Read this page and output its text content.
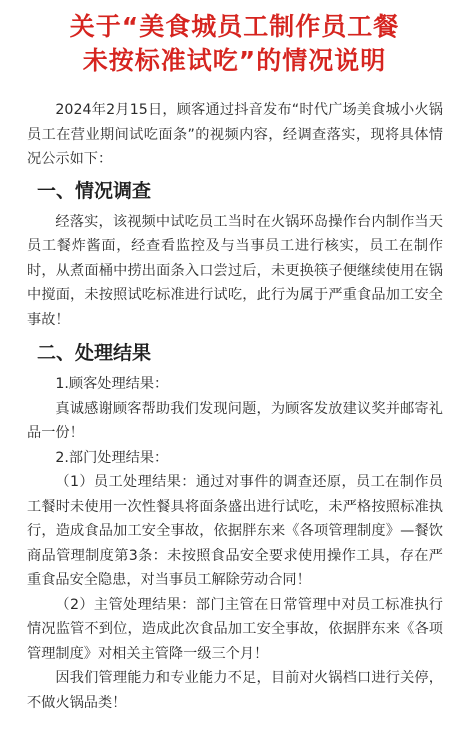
关于“美食城员工制作员工餐
未按标准试吃”的情况说明

2024年2月15日，顾客通过抖音发布“时代广场美食城小火锅员工在营业期间试吃面条”的视频内容，经调查落实，现将具体情况公示如下：

一、情况调查

经落实，该视频中试吃员工当时在火锅环岛操作台内制作当天员工餐炸酱面，经查看监控及与当事员工进行核实，员工在制作时，从煮面桶中捞出面条入口尝过后，未更换筷子便继续使用在锅中搅面，未按照试吃标准进行试吃，此行为属于严重食品加工安全事故！

二、处理结果

1.顾客处理结果：

真诚感谢顾客帮助我们发现问题，为顾客发放建议奖并邮寄礼品一份！

2.部门处理结果：

（1）员工处理结果：通过对事件的调查还原，员工在制作员工餐时未使用一次性餐具将面条盛出进行试吃，未严格按照标准执行，造成食品加工安全事故，依据胖东来《各项管理制度》—餐饮商品管理制度第3条：未按照食品安全要求使用操作工具，存在严重食品安全隐患，对当事员工解除劳动合同！

（2）主管处理结果：部门主管在日常管理中对员工标准执行情况监管不到位，造成此次食品加工安全事故，依据胖东来《各项管理制度》对相关主管降一级三个月！

因我们管理能力和专业能力不足，目前对火锅档口进行关停，不做火锅品类！
